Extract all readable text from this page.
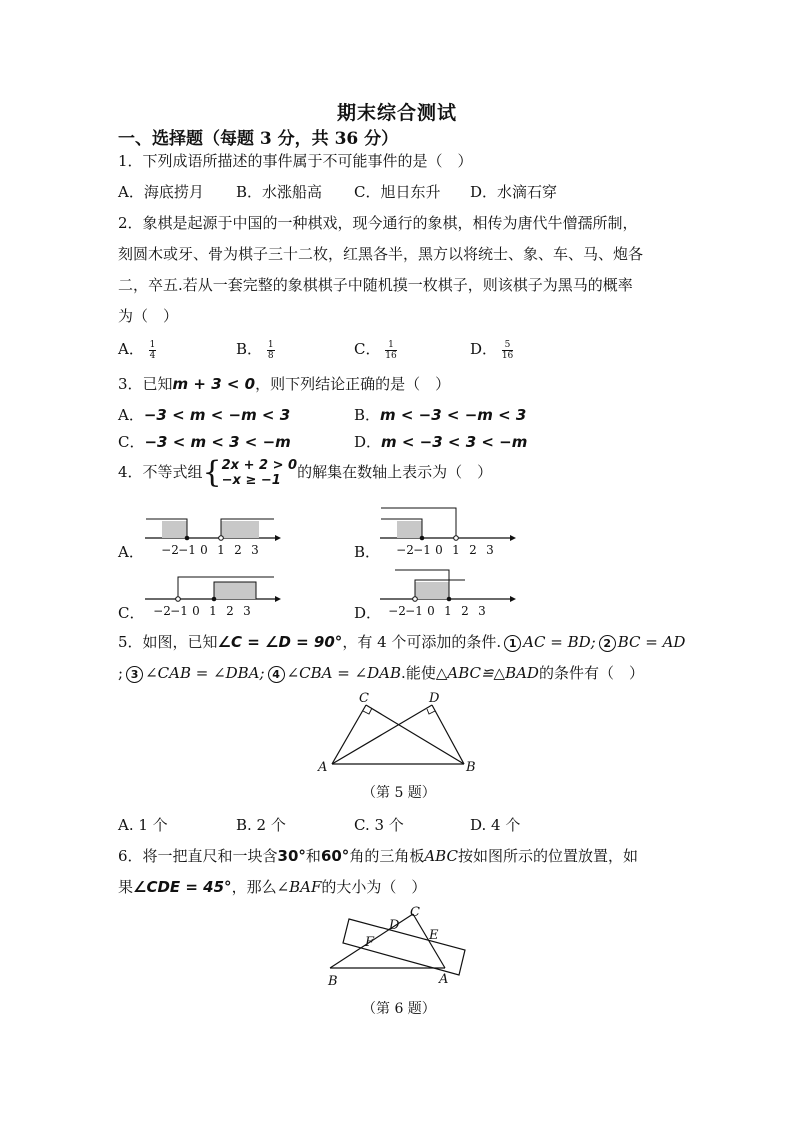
期末综合测试
一、选择题（每题 3 分，共 36 分）
1．下列成语所描述的事件属于不可能事件的是（　）
A．海底捞月 B．水涨船高 C．旭日东升 D．水滴石穿
2．象棋是起源于中国的一种棋戏，现今通行的象棋，相传为唐代牛僧孺所制，
刻圆木或牙、骨为棋子三十二枚，红黑各半，黑方以将统士、象、车、马、炮各
二，卒五.若从一套完整的象棋棋子中随机摸一枚棋子，则该棋子为黑马的概率
为（　）
A． $\frac{1}{4}$	B． $\frac{1}{8}$	C． $\frac{1}{16}$	D． $\frac{5}{16}$
3．已知m + 3 < 0，则下列结论正确的是（　）
A．−3 < m < −m < 3	B．m < −3 < −m < 3
C．−3 < m < 3 < −m	D．m < −3 < 3 < −m
4．不等式组{ 2x + 2 > 0
−x ≥ −1	的解集在数轴上表示为（　）
A．	B．
C．	D．
−2 −1 0 1 2 3	−2 −1 0 1 2 3
−2 −1 0 1 2 3	−2 −1 0 1 2 3
5．如图，已知∠C = ∠D = 90°，有 4 个可添加的条件. 1 AC = BD; 2 BC = AD
; 3 ∠CAB = ∠DBA; 4 ∠CBA = ∠DAB.能使△ABC≌△BAD的条件有（　）
A	B
C	D
（第 5 题）
A. 1 个	B. 2 个	C. 3 个	D. 4 个
6．将一把直尺和一块含30°和60°角的三角板ABC按如图所示的位置放置，如
果∠CDE = 45°，那么∠BAF的大小为（　）
B	A
C
D
E
F
（第 6 题）
